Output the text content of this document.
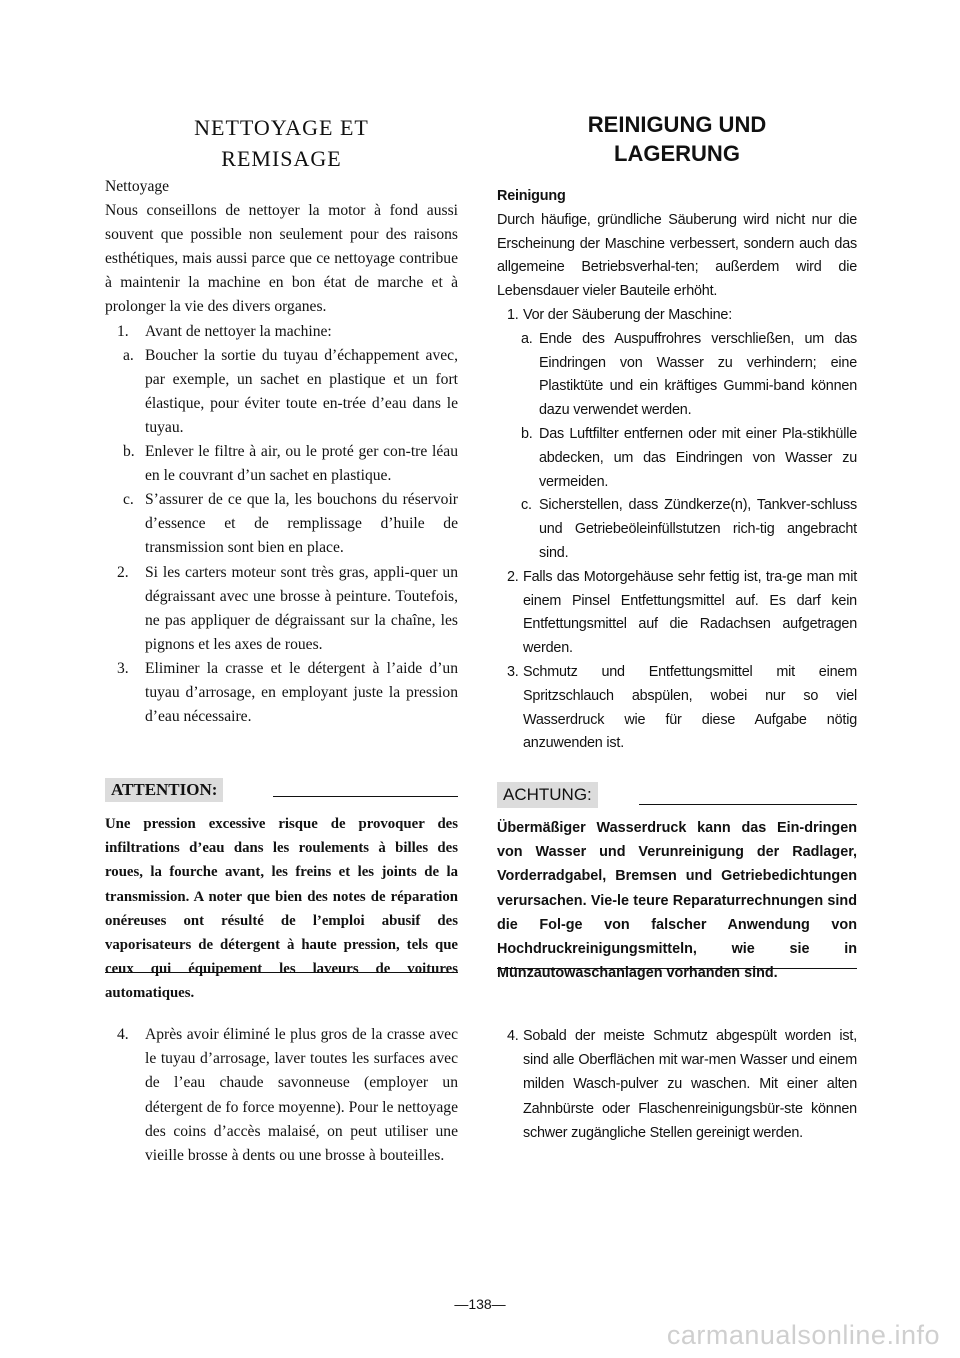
NETTOYAGE ET
REMISAGE

Nettoyage

Nous conseillons de nettoyer la motor à fond aussi souvent que possible non seulement pour des raisons esthétiques, mais aussi parce que ce nettoyage contribue à maintenir la machine en bon état de marche et à prolonger la vie des divers organes.

1. Avant de nettoyer la machine:
a. Boucher la sortie du tuyau d’échappement avec, par exemple, un sachet en plastique et un fort élastique, pour éviter toute en-trée d’eau dans le tuyau.
b. Enlever le filtre à air, ou le proté ger con-tre léau en le couvrant d’un sachet en plastique.
c. S’assurer de ce que la, les bouchons du réservoir d’essence et de remplissage d’huile de transmission sont bien en place.
2. Si les carters moteur sont très gras, appli-quer un dégraissant avec une brosse à peinture. Toutefois, ne pas appliquer de dégraissant sur la chaîne, les pignons et les axes de roues.
3. Eliminer la crasse et le détergent à l’aide d’un tuyau d’arrosage, en employant juste la pression d’eau nécessaire.
ATTENTION:

Une pression excessive risque de provoquer des infiltrations d’eau dans les roulements à billes des roues, la fourche avant, les freins et les joints de la transmission. A noter que bien des notes de réparation onéreuses ont résulté de l’emploi abusif des vaporisateurs de détergent à haute pression, tels que ceux qui équipement les laveurs de voitures automatiques.

4. Après avoir éliminé le plus gros de la crasse avec le tuyau d’arrosage, laver toutes les surfaces avec de l’eau chaude savonneuse (employer un détergent de fo force moyenne). Pour le nettoyage des coins d’accès malaisé, on peut utiliser une vieille brosse à dents ou une brosse à bouteilles.
REINIGUNG UND
LAGERUNG

Reinigung

Durch häufige, gründliche Säuberung wird nicht nur die Erscheinung der Maschine verbessert, sondern auch das allgemeine Betriebsverhal-ten; außerdem wird die Lebensdauer vieler Bauteile erhöht.

1. Vor der Säuberung der Maschine:
a. Ende des Auspuffrohres verschließen, um das Eindringen von Wasser zu verhindern; eine Plastiktüte und ein kräftiges Gummi-band können dazu verwendet werden.
b. Das Luftfilter entfernen oder mit einer Pla-stikhülle abdecken, um das Eindringen von Wasser zu vermeiden.
c. Sicherstellen, dass Zündkerze(n), Tankver-schluss und Getriebeöleinfüllstutzen rich-tig angebracht sind.
2. Falls das Motorgehäuse sehr fettig ist, tra-ge man mit einem Pinsel Entfettungsmittel auf. Es darf kein Entfettungsmittel auf die Radachsen aufgetragen werden.
3. Schmutz und Entfettungsmittel mit einem Spritzschlauch abspülen, wobei nur so viel Wasserdruck wie für diese Aufgabe nötig anzuwenden ist.
ACHTUNG:

Übermäßiger Wasserdruck kann das Ein-dringen von Wasser und Verunreinigung der Radlager, Vorderradgabel, Bremsen und Getriebedichtungen verursachen. Vie-le teure Reparaturrechnungen sind die Fol-ge von falscher Anwendung von Hochdruckreinigungsmitteln, wie sie in Münzautowaschanlagen vorhanden sind.

4. Sobald der meiste Schmutz abgespült worden ist, sind alle Oberflächen mit war-men Wasser und einem milden Wasch-pulver zu waschen. Mit einer alten Zahnbürste oder Flaschenreinigungsbür-ste können schwer zugängliche Stellen gereinigt werden.
—138—
carmanualsonline.info
